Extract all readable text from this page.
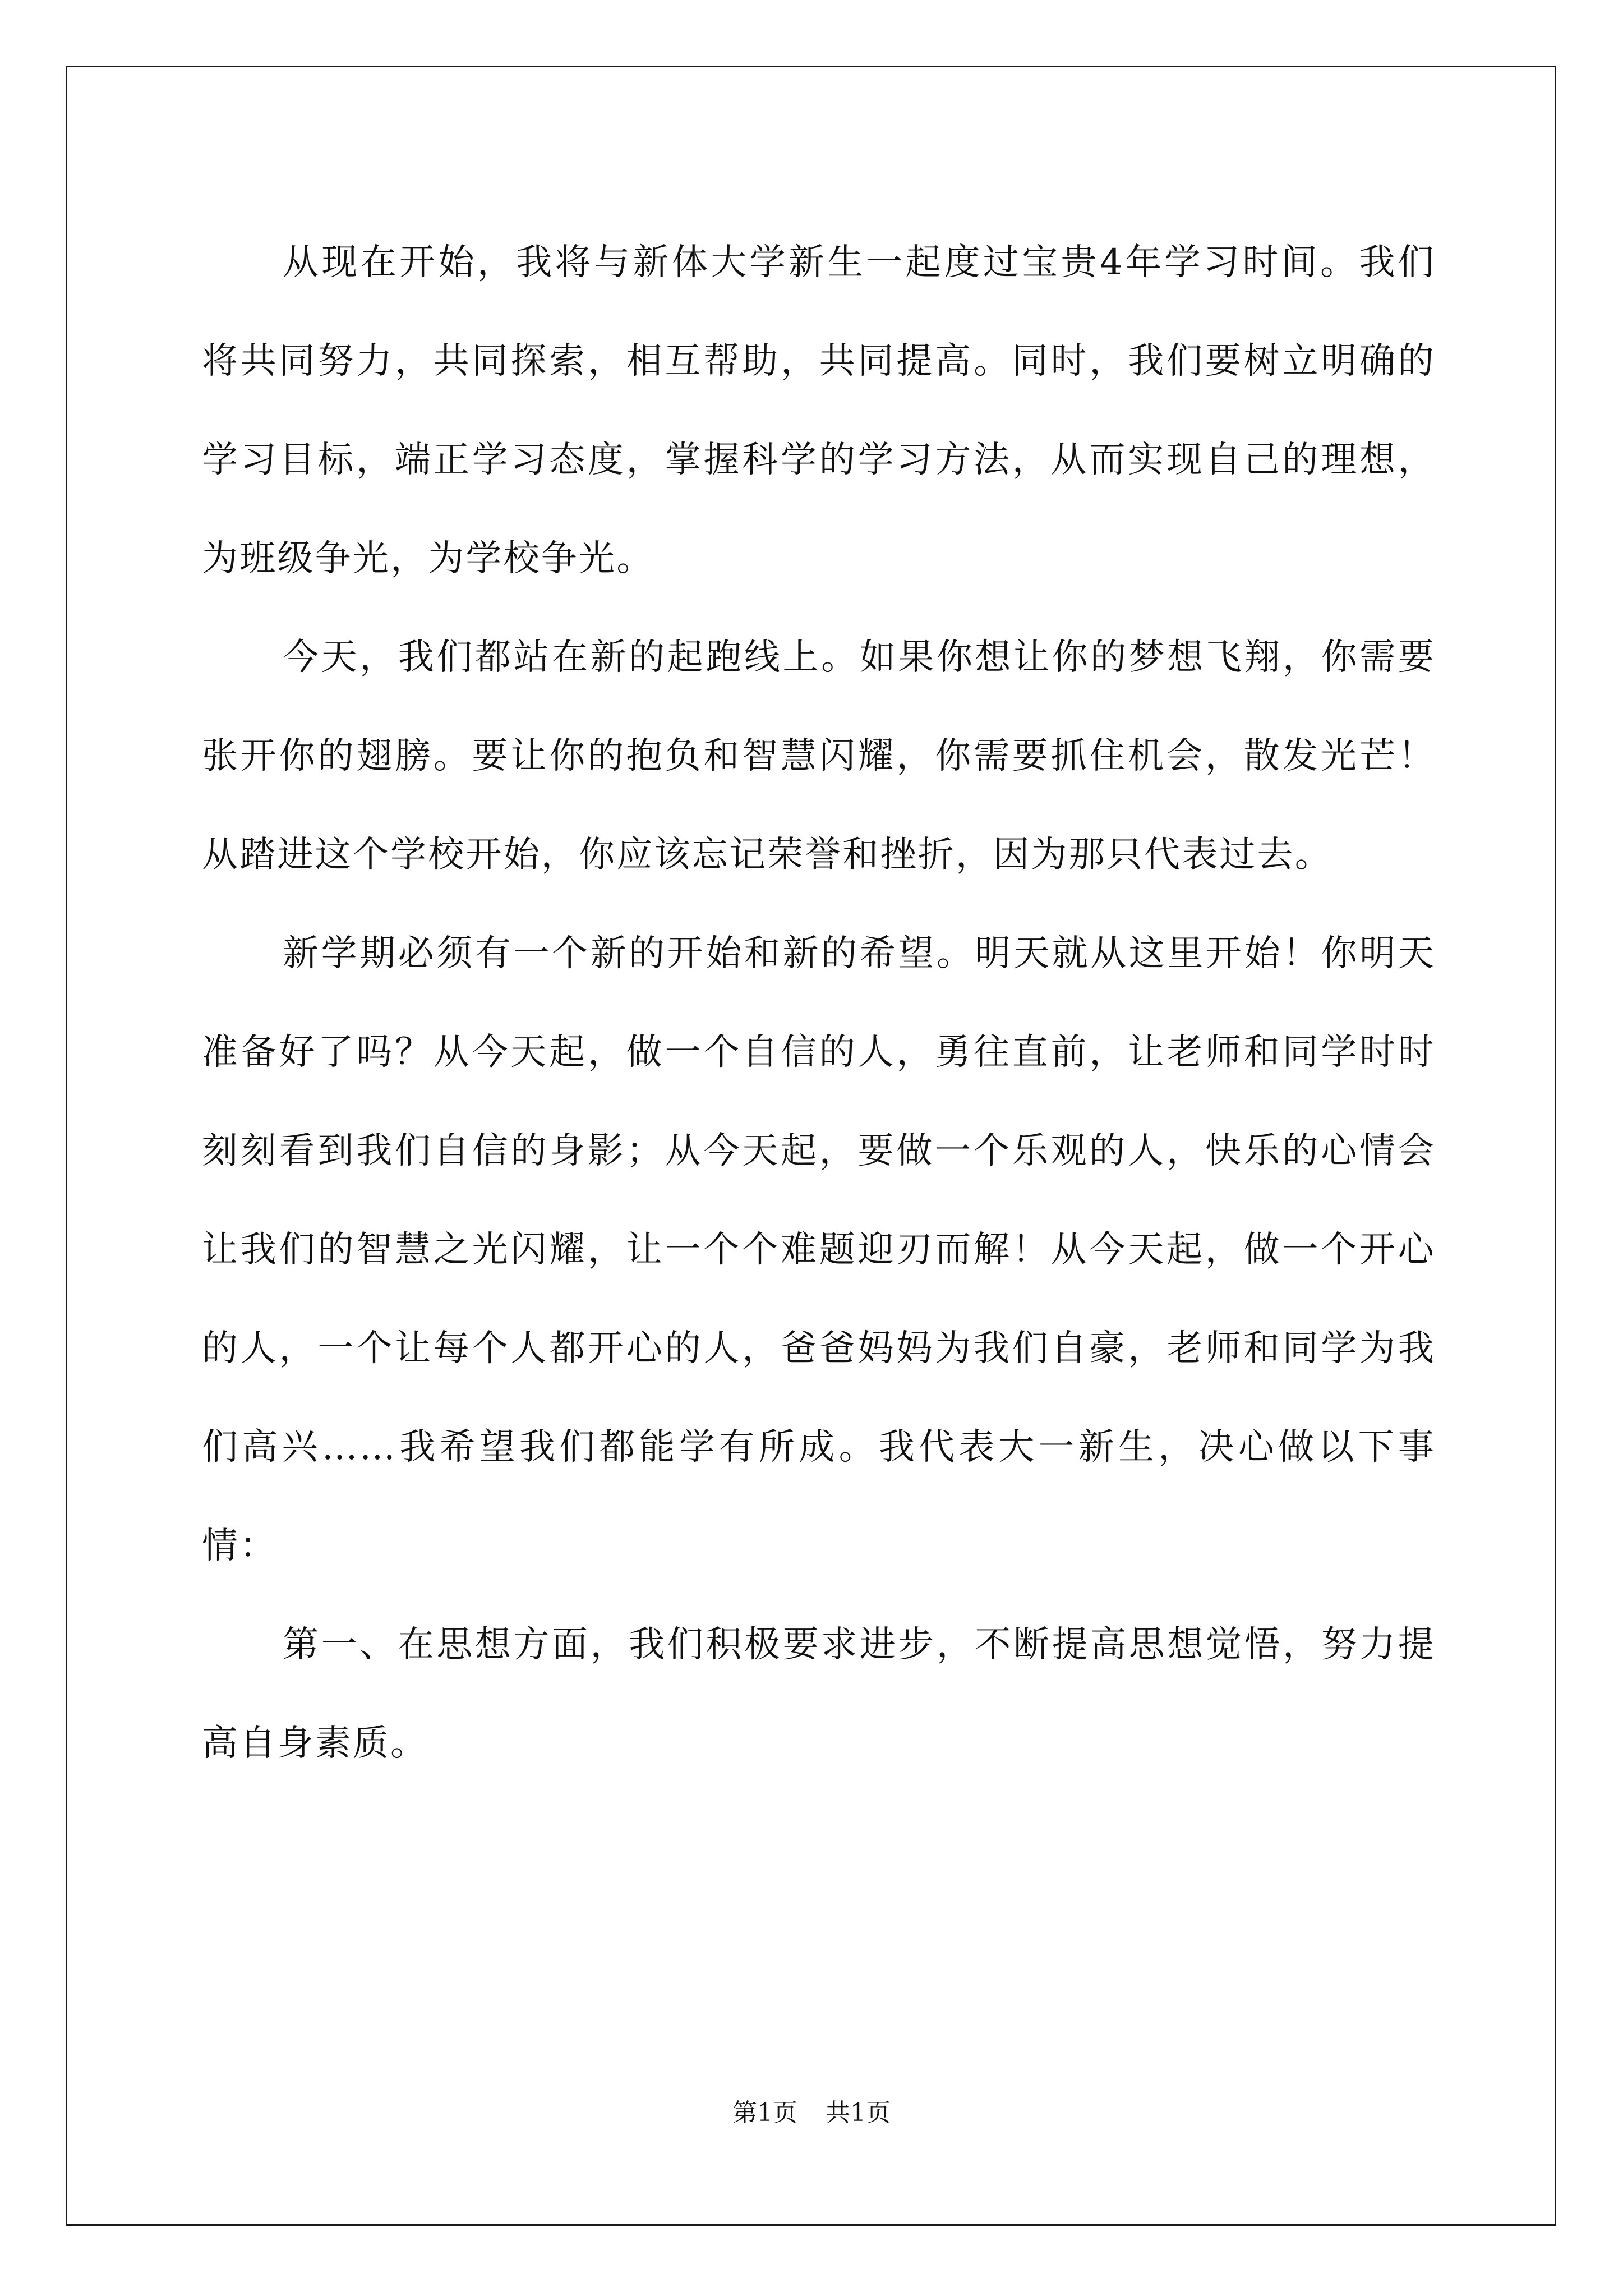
从现在开始，我将与新体大学新生一起度过宝贵4年学习时间。我们将共同努力，共同探索，相互帮助，共同提高。同时，我们要树立明确的学习目标，端正学习态度，掌握科学的学习方法，从而实现自己的理想，为班级争光，为学校争光。

今天，我们都站在新的起跑线上。如果你想让你的梦想飞翔，你需要张开你的翅膀。要让你的抱负和智慧闪耀，你需要抓住机会，散发光芒！从踏进这个学校开始，你应该忘记荣誉和挫折，因为那只代表过去。

新学期必须有一个新的开始和新的希望。明天就从这里开始！你明天准备好了吗？从今天起，做一个自信的人，勇往直前，让老师和同学时时刻刻看到我们自信的身影；从今天起，要做一个乐观的人，快乐的心情会让我们的智慧之光闪耀，让一个个难题迎刃而解！从今天起，做一个开心的人，一个让每个人都开心的人，爸爸妈妈为我们自豪，老师和同学为我们高兴……我希望我们都能学有所成。我代表大一新生，决心做以下事情：

第一、在思想方面，我们积极要求进步，不断提高思想觉悟，努力提高自身素质。

第1页 共1页
